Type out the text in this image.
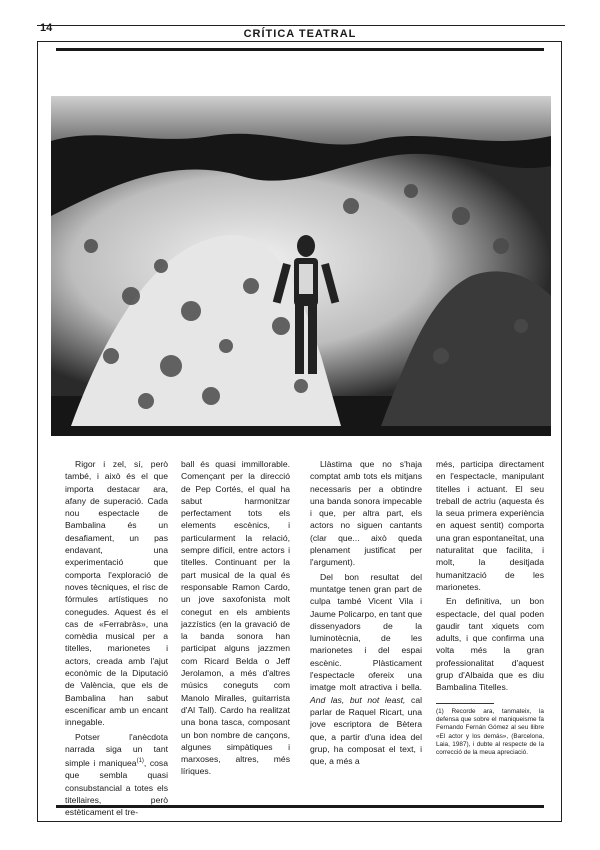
14	CRÍTICA TEATRAL

Rigor i zel, sí, però també, i això és el que importa destacar ara, afany de superació. Cada nou espectacle de Bambalina és un desafiament, un pas endavant, una experimentació que comporta l'exploració de noves tècniques, el risc de fórmules artístiques no conegudes. Aquest és el cas de «Ferrabràs», una comèdia musical per a titelles, marionetes i actors, creada amb l'ajut econòmic de la Diputació de València, que els de Bambalina han sabut escenificar amb un encant innegable.

Potser l'anècdota narrada siga un tant simple i maniquea$^{(1)}$, cosa que sembla quasi consubstancial a totes els titellaires, però estèticament el tre-

ball és quasi immillorable. Començant per la direcció de Pep Cortés, el qual ha sabut harmonitzar perfectament tots els elements escènics, i particularment la relació, sempre difícil, entre actors i titelles. Continuant per la part musical de la qual és responsable Ramon Cardo, un jove saxofonista molt conegut en els ambients jazzístics (en la gravació de la banda sonora han participat alguns jazzmen com Ricard Belda o Jeff Jerolamon, a més d'altres músics coneguts com Manolo Miralles, guitarrista d'Al Tall). Cardo ha realitzat una bona tasca, composant un bon nombre de cançons, algunes simpàtiques i marxoses, altres, més líriques.

Llàstima que no s'haja comptat amb tots els mitjans necessaris per a obtindre una banda sonora impecable i que, per altra part, els actors no siguen cantants (clar que... això queda plenament justificat per l'argument).

Del bon resultat del muntatge tenen gran part de culpa també Vicent Vila i Jaume Policarpo, en tant que dissenyadors de la luminotècnia, de les marionetes i del espai escènic. Plàsticament l'espectacle ofereix una imatge molt atractiva i bella. And las, but not least, cal parlar de Raquel Ricart, una jove escriptora de Bètera que, a partir d'una idea del grup, ha composat el text, i que, a més a

més, participa directament en l'espectacle, manipulant titelles i actuant. El seu treball de actriu (aquesta és la seua primera experiència en aquest sentit) comporta una gran espontaneïtat, una naturalitat que facilita, i molt, la desitjada humanització de les marionetes.

En definitiva, un bon espectacle, del qual poden gaudir tant xiquets com adults, i que confirma una volta més la gran professionalitat d'aquest grup d'Albaida que es diu Bambalina Titelles.

(1) Recorde ara, tanmateix, la defensa que sobre el maniqueisme fa Fernando Fernán Gómez al seu llibre «El actor y los demás», (Barcelona, Laia, 1987), i dubte al respecte de la correcció de la meua apreciació.
